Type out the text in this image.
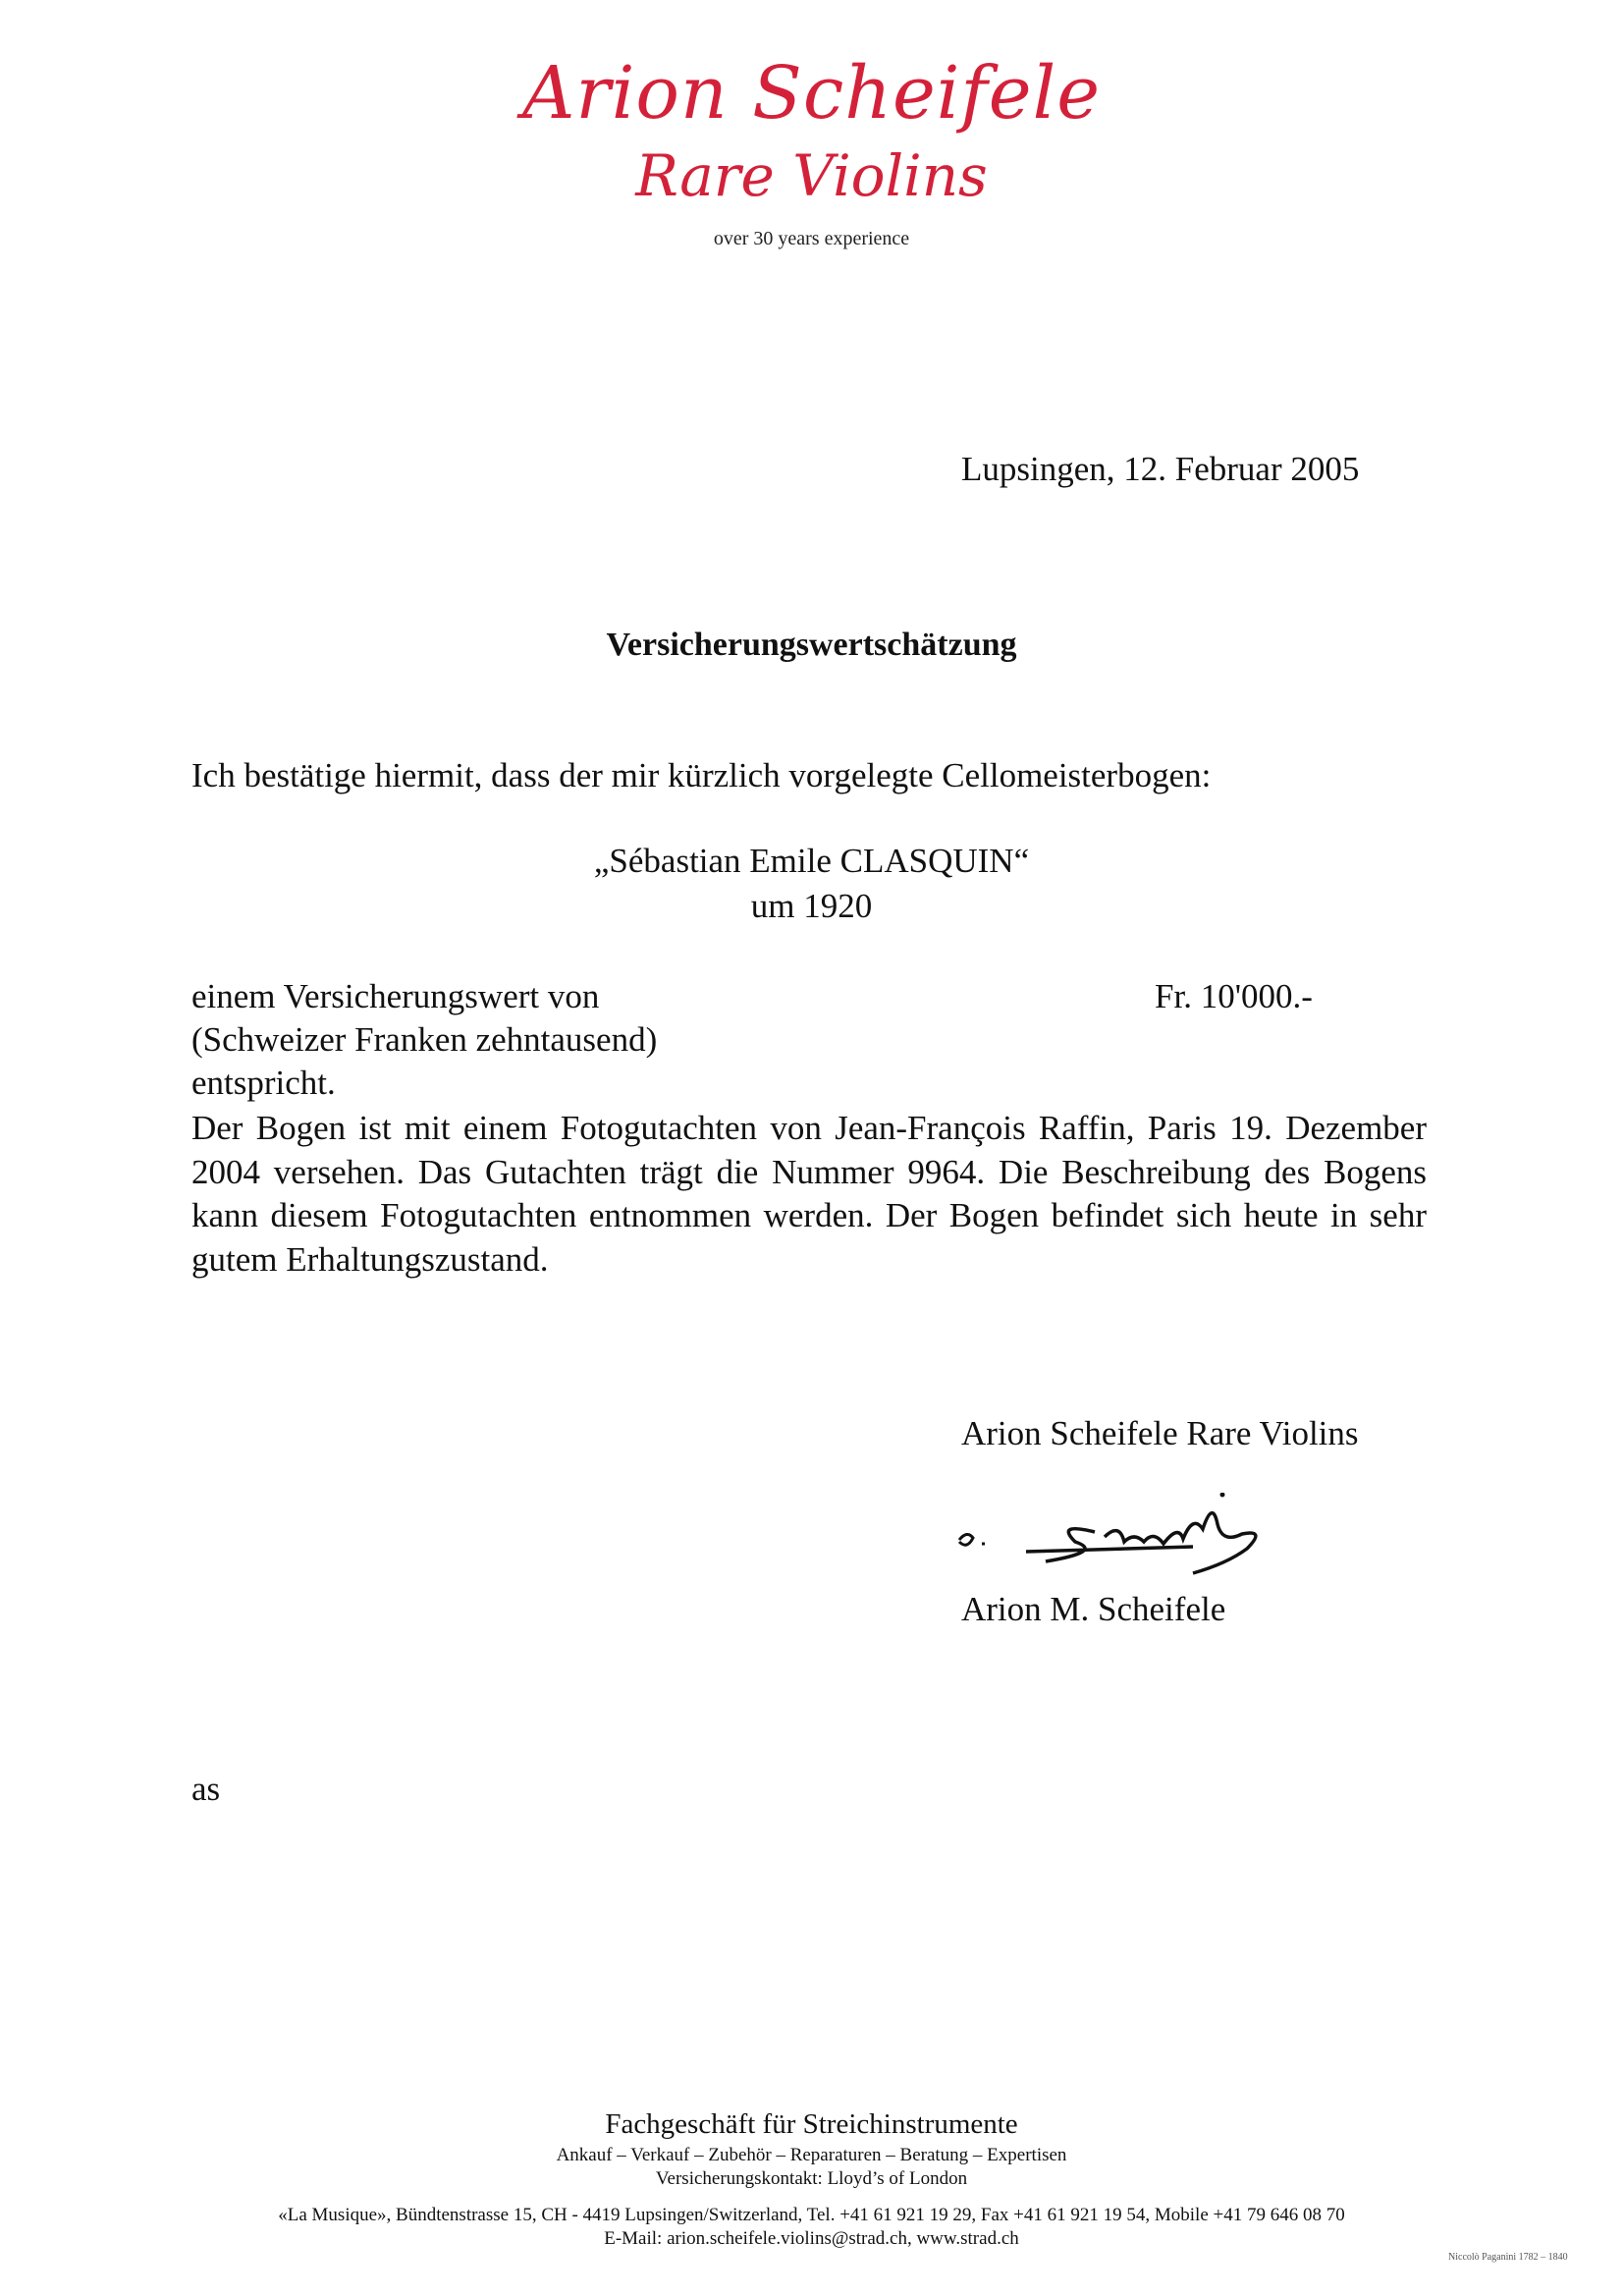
Arion Scheifele
Rare Violins
over 30 years experience
Lupsingen, 12. Februar 2005
Versicherungswertschätzung
Ich bestätige hiermit, dass der mir kürzlich vorgelegte Cellomeisterbogen:
„Sébastian Emile CLASQUIN“
um 1920
einem Versicherungswert von	Fr. 10'000.-
(Schweizer Franken zehntausend)
entspricht.
Der Bogen ist mit einem Fotogutachten von Jean-François Raffin, Paris 19. Dezember 2004 versehen. Das Gutachten trägt die Nummer 9964. Die Beschreibung des Bogens kann diesem Fotogutachten entnommen werden. Der Bogen befindet sich heute in sehr gutem Erhaltungszustand.
Arion Scheifele Rare Violins
Arion M. Scheifele
as
Fachgeschäft für Streichinstrumente
Ankauf – Verkauf – Zubehör – Reparaturen – Beratung – Expertisen
Versicherungskontakt: Lloyd’s of London
«La Musique», Bündtenstrasse 15, CH - 4419 Lupsingen/Switzerland, Tel. +41 61 921 19 29, Fax +41 61 921 19 54, Mobile +41 79 646 08 70
E-Mail: arion.scheifele.violins@strad.ch, www.strad.ch
Niccolò Paganini 1782 – 1840
